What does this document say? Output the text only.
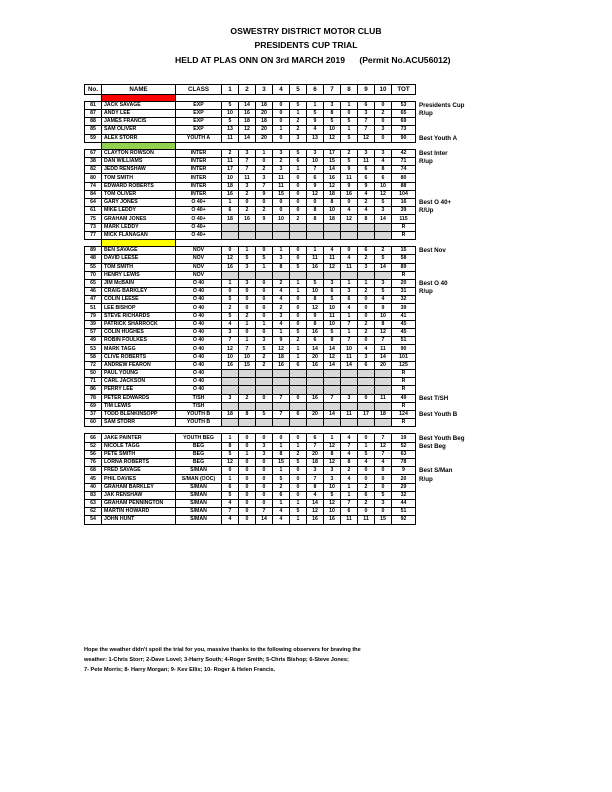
OSWESTRY DISTRICT MOTOR CLUB
PRESIDENTS CUP TRIAL
HELD AT PLAS ONN ON 3rd MARCH 2019 (Permit No.ACU56012)
No.	NAME	CLASS	1	2	3	4	5	6	7	8	9	10	TOT	

81	JACK SAVAGE	EXP	5	14	18	0	5	1	3	1	6	0	53	Presidents Cup
87	ANDY LEE	EXP	10	16	20	0	1	5	8	0	3	2	65	R/up
88	JAMES FRANCIS	EXP	5	18	18	0	2	9	5	5	7	0	69	
85	SAM OLIVER	EXP	13	12	20	1	2	4	10	1	7	3	73	
59	ALEX STORR	YOUTH A	11	14	20	0	3	13	12	5	12	0	90	Best Youth A

67	CLAYTON ROWSON	INTER	2	3	1	3	5	3	17	2	3	3	42	Best Inter
38	DAN WILLIAMS	INTER	11	7	0	2	6	10	15	5	11	4	71	R/up
82	JEDD RENSHAW	INTER	17	7	2	3	1	7	14	9	6	8	74	
80	TOM SMITH	INTER	10	11	3	11	0	6	16	11	6	6	80	
74	EDWARD ROBERTS	INTER	18	3	7	11	0	9	12	9	9	10	88	
84	TOM OLIVER	INTER	16	2	9	15	0	12	18	16	4	12	104	
64	GARY JONES	O 40+	1	0	0	0	0	0	8	0	2	5	16	Best O 40+
61	MIKE LEDDY	O 40+	6	2	2	0	0	8	10	4	4	3	39	R/Up
75	GRAHAM JONES	O 40+	18	16	9	10	2	8	18	12	8	14	115	
73	MARK LEDDY	O 40+											R	
77	MICK FLANAGAN	O 40+											R	

89	BEN SAVAGE	NOV	0	1	0	1	0	1	4	0	6	2	15	Best Nov
48	DAVID LEESE	NOV	12	5	5	3	0	11	11	4	2	5	58	
55	TOM SMITH	NOV	16	3	1	8	5	16	12	11	3	14	89	
70	HENRY LEWIS	NOV											R	
65	JIM McBAIN	O 40	1	3	0	2	1	5	3	1	1	3	20	Best O 40
46	CRAIG BARKLEY	O 40	0	0	0	4	1	10	6	3	2	5	31	R/up
47	COLIN LEESE	O 40	5	0	0	4	0	8	5	6	0	4	32	
51	LEE BISHOP	O 40	2	0	0	2	0	12	10	4	0	9	39	
79	STEVE RICHARDS	O 40	5	2	0	3	0	9	11	1	0	10	41	
39	PATRICK SHARROCK	O 40	4	1	1	4	0	8	10	7	2	8	45	
57	COLIN HUGHES	O 40	3	0	0	1	5	16	5	1	2	12	45	
49	ROBIN FOULKES	O 40	7	1	3	9	2	6	9	7	0	7	51	
53	MARK TAGG	O 40	12	7	5	12	1	14	14	10	4	11	90	
58	CLIVE ROBERTS	O 40	10	10	2	18	1	20	12	11	3	14	101	
72	ANDREW FEARON	O 40	16	15	2	16	6	16	14	14	6	20	125	
50	PAUL YOUNG	O 40											R	
71	CARL JACKSON	O 40											R	
86	PERRY LEE	O 40											R	
78	PETER EDWARDS	T/SH	3	2	0	7	0	16	7	3	0	11	49	Best T/SH
69	TIM LEWIS	T/SH											R	
37	TODD BLENKINSOPP	YOUTH B	18	8	5	7	6	20	14	11	17	18	124	Best Youth B
60	SAM STORR	YOUTH B											R	

66	JAKE PAINTER	YOUTH BEG	1	0	0	0	0	6	1	4	0	7	19	Best Youth Beg
52	NICOLE TAGG	BEG	8	0	3	1	1	7	12	7	1	12	52	Best Beg
56	PETE SMITH	BEG	5	1	3	8	2	20	8	4	5	7	63	
76	LORNA ROBERTS	BEG	12	0	0	15	5	18	12	8	4	4	78	
68	FRED SAVAGE	S/MAN	0	0	0	1	0	3	3	2	0	0	9	Best S/Man
45	PHIL DAVIES	S/MAN (OOC)	1	0	0	5	0	7	3	4	0	0	20	R/up
40	GRAHAM BARKLEY	S/MAN	6	0	0	2	0	8	10	1	2	0	29	
83	JAK RENSHAW	S/MAN	5	0	0	6	0	4	5	1	6	5	32	
63	GRAHAM PENNINGTON	S/MAN	4	0	0	1	1	14	12	7	2	3	44	
62	MARTIN HOWARD	S/MAN	7	0	7	4	5	12	10	6	0	0	51	
54	JOHN HUNT	S/MAN	4	0	14	4	1	16	16	11	11	15	92	
Hope the weather didn't spoil the trial for you, massive thanks to the following observers for braving the
weather: 1-Chris Storr; 2-Dave Lovel; 3-Harry South; 4-Roger Smith; 5-Chris Bishop; 6-Steve Jones;
7- Pete Morris; 8- Harry Morgan; 9- Kev Ellis; 10- Roger & Helen Francis.
